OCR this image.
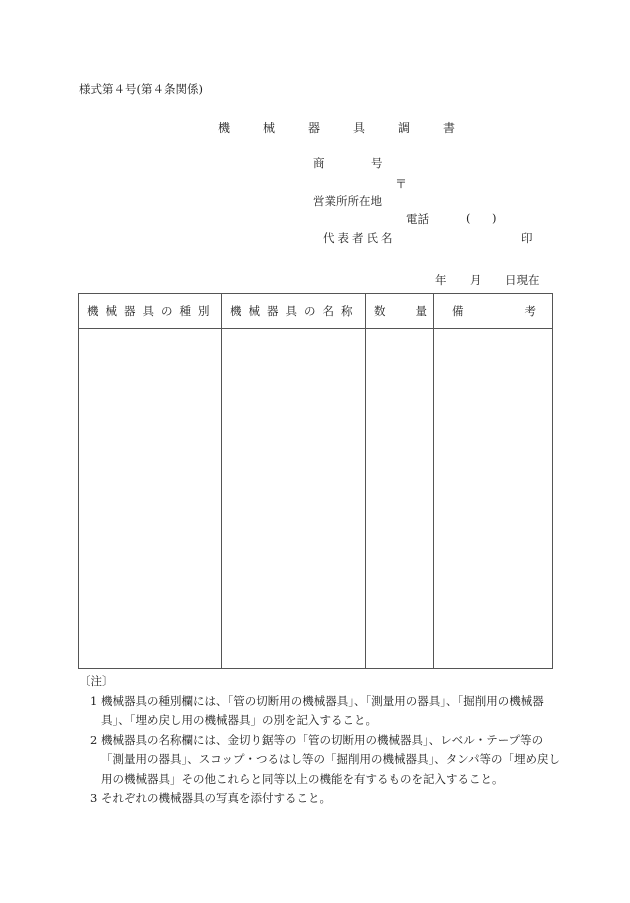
様式第４号(第４条関係)
機	械	器	具	調	書
商	号
〒
営業所所在地
電話	( )
代表者氏名	印
年 月 日現在
機械器具の種別	機械器具の名称	数 量	備 考

〔注〕
1 機械器具の種別欄には、「管の切断用の機械器具」、「測量用の器具」、「掘削用の機械器具」、「埋め戻し用の機械器具」の別を記入すること。
2 機械器具の名称欄には、金切り鋸等の「管の切断用の機械器具」、レベル・テープ等の「測量用の器具」、スコップ・つるはし等の「掘削用の機械器具」、タンパ等の「埋め戻し用の機械器具」その他これらと同等以上の機能を有するものを記入すること。
3 それぞれの機械器具の写真を添付すること。
